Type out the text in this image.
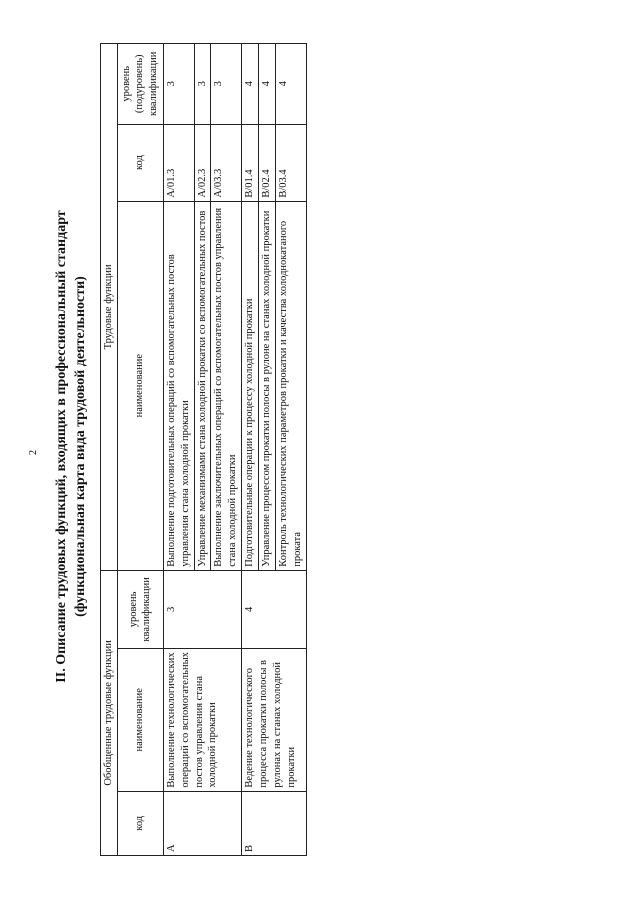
2 II. Описание трудовых функций, входящих в профессиональный стандарт (функциональная карта вида трудовой деятельности)
Обобщенные трудовые функции			Трудовые функции		
код	наименование	уровень квалификации	наименование	код	уровень (подуровень) квалификации
А	Выполнение технологических операций со вспомогательных постов управления стана холодной прокатки	3	Выполнение подготовительных операций со вспомогательных постов управления стана холодной прокатки	А/01.3	3
			Управление механизмами стана холодной прокатки со вспомогательных постов	А/02.3	3
			Выполнение заключительных операций со вспомогательных постов управления стана холодной прокатки	А/03.3	3
В	Ведение технологического процесса прокатки полосы в рулонах на станах холодной прокатки	4	Подготовительные операции к процессу холодной прокатки	В/01.4	4
			Управление процессом прокатки полосы в рулоне на станах холодной прокатки	В/02.4	4
			Контроль технологических параметров прокатки и качества холоднокатаного проката	В/03.4	4
